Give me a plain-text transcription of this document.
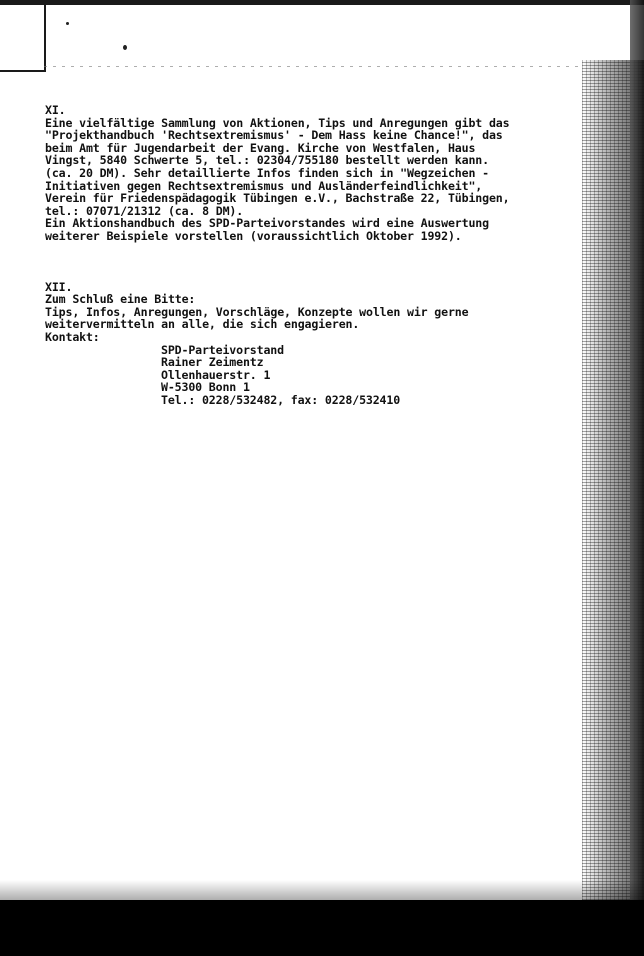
XI.
Eine vielfältige Sammlung von Aktionen, Tips und Anregungen gibt das
"Projekthandbuch 'Rechtsextremismus' - Dem Hass keine Chance!", das
beim Amt für Jugendarbeit der Evang. Kirche von Westfalen, Haus
Vingst, 5840 Schwerte 5, tel.: 02304/755180 bestellt werden kann.
(ca. 20 DM). Sehr detaillierte Infos finden sich in "Wegzeichen -
Initiativen gegen Rechtsextremismus und Ausländerfeindlichkeit",
Verein für Friedenspädagogik Tübingen e.V., Bachstraße 22, Tübingen,
tel.: 07071/21312 (ca. 8 DM).
Ein Aktionshandbuch des SPD-Parteivorstandes wird eine Auswertung
weiterer Beispiele vorstellen (voraussichtlich Oktober 1992).
XII.
Zum Schluß eine Bitte:
Tips, Infos, Anregungen, Vorschläge, Konzepte wollen wir gerne
weitervermitteln an alle, die sich engagieren.
Kontakt:
SPD-Parteivorstand
Rainer Zeimentz
Ollenhauerstr. 1
W-5300 Bonn 1
Tel.: 0228/532482, fax: 0228/532410
